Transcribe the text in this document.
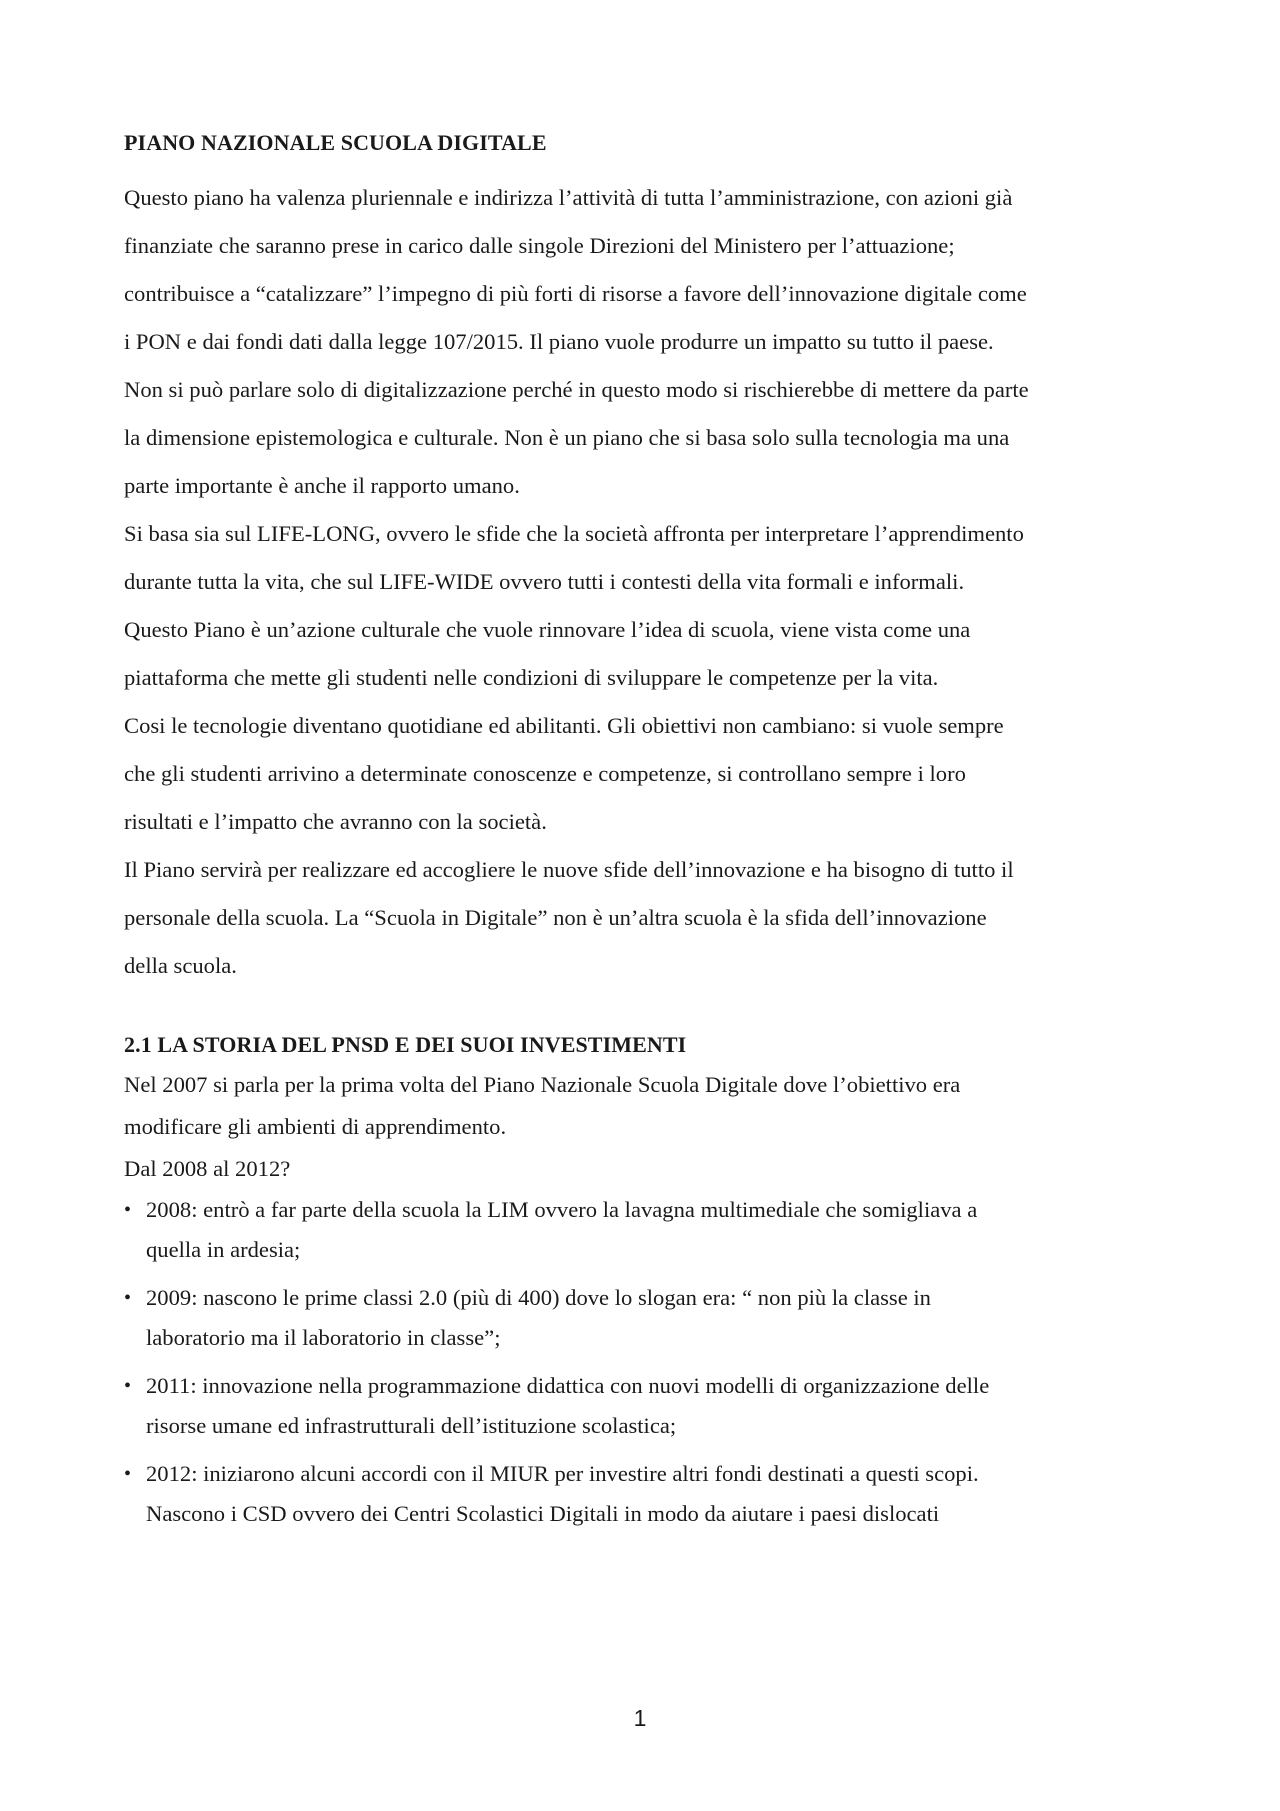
PIANO NAZIONALE SCUOLA DIGITALE

Questo piano ha valenza pluriennale e indirizza l’attività di tutta l’amministrazione, con azioni già
finanziate che saranno prese in carico dalle singole Direzioni del Ministero per l’attuazione;
contribuisce a “catalizzare” l’impegno di più forti di risorse a favore dell’innovazione digitale come
i PON e dai fondi dati dalla legge 107/2015. Il piano vuole produrre un impatto su tutto il paese.
Non si può parlare solo di digitalizzazione perché in questo modo si rischierebbe di mettere da parte
la dimensione epistemologica e culturale. Non è un piano che si basa solo sulla tecnologia ma una
parte importante è anche il rapporto umano.
Si basa sia sul LIFE-LONG, ovvero le sfide che la società affronta per interpretare l’apprendimento
durante tutta la vita, che sul LIFE-WIDE ovvero tutti i contesti della vita formali e informali.
Questo Piano è un’azione culturale che vuole rinnovare l’idea di scuola, viene vista come una
piattaforma che mette gli studenti nelle condizioni di sviluppare le competenze per la vita.
Cosi le tecnologie diventano quotidiane ed abilitanti. Gli obiettivi non cambiano: si vuole sempre
che gli studenti arrivino a determinate conoscenze e competenze, si controllano sempre i loro
risultati e l’impatto che avranno con la società.
Il Piano servirà per realizzare ed accogliere le nuove sfide dell’innovazione e ha bisogno di tutto il
personale della scuola. La “Scuola in Digitale” non è un’altra scuola è la sfida dell’innovazione
della scuola.

2.1 LA STORIA DEL PNSD E DEI SUOI INVESTIMENTI

Nel 2007 si parla per la prima volta del Piano Nazionale Scuola Digitale dove l’obiettivo era
modificare gli ambienti di apprendimento.
Dal 2008 al 2012?

• 2008: entrò a far parte della scuola la LIM ovvero la lavagna multimediale che somigliava a
quella in ardesia;
• 2009: nascono le prime classi 2.0 (più di 400) dove lo slogan era: “ non più la classe in
laboratorio ma il laboratorio in classe”;
• 2011: innovazione nella programmazione didattica con nuovi modelli di organizzazione delle
risorse umane ed infrastrutturali dell’istituzione scolastica;
• 2012: iniziarono alcuni accordi con il MIUR per investire altri fondi destinati a questi scopi.
Nascono i CSD ovvero dei Centri Scolastici Digitali in modo da aiutare i paesi dislocati
1
